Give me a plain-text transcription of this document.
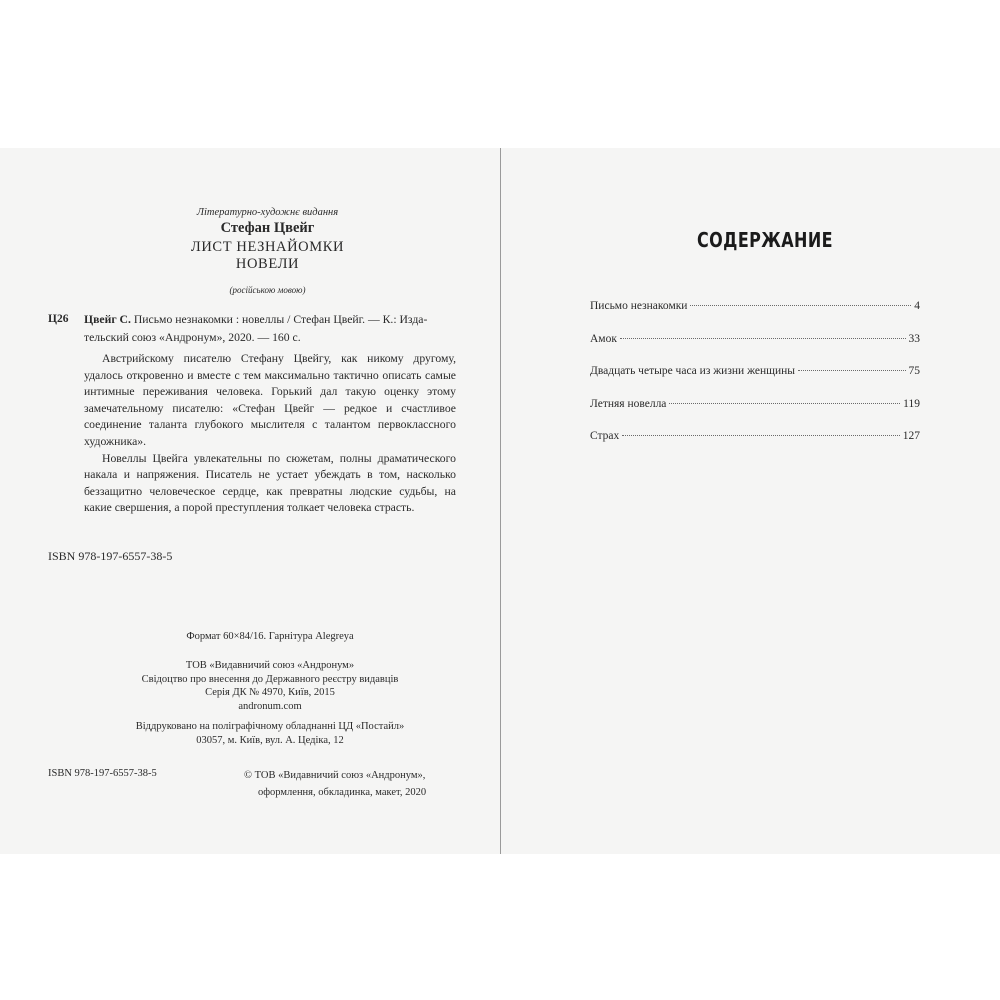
Літературно-художнє видання
Стефан Цвейг
ЛИСТ НЕЗНАЙОМКИ
НОВЕЛИ
(російською мовою)
Ц26 Цвейг С. Письмо незнакомки : новеллы / Стефан Цвейг. — К.: Изда-
тельский союз «Андронум», 2020. — 160 с.

Австрийскому писателю Стефану Цвейгу, как никому другому, удалось откровенно и вместе с тем максимально тактично описать самые интимные переживания человека. Горький дал такую оценку этому замечательному писателю: «Стефан Цвейг — редкое и счастливое соединение таланта глубокого мыслителя с талантом первоклассного художника».

Новеллы Цвейга увлекательны по сюжетам, полны драматического накала и напряжения. Писатель не устает убеждать в том, насколько беззащитно человеческое сердце, как превратны людские судьбы, на какие свершения, а порой преступления толкает человека страсть.

ISBN 978-197-6557-38-5
Формат 60×84/16. Гарнітура Alegreya
ТОВ «Видавничий союз «Андронум»
Свідоцтво про внесення до Державного реєстру видавців
Серія ДК № 4970, Київ, 2015
andronum.com
Віддруковано на поліграфічному обладнанні ЦД «Постайл»
03057, м. Київ, вул. А. Цедіка, 12
ISBN 978-197-6557-38-5	© ТОВ «Видавничий союз «Андронум»,
оформлення, обкладинка, макет, 2020
СОДЕРЖАНИЕ
Письмо незнакомки	4
Амок	33
Двадцать четыре часа из жизни женщины	75
Летняя новелла	119
Страх	127
